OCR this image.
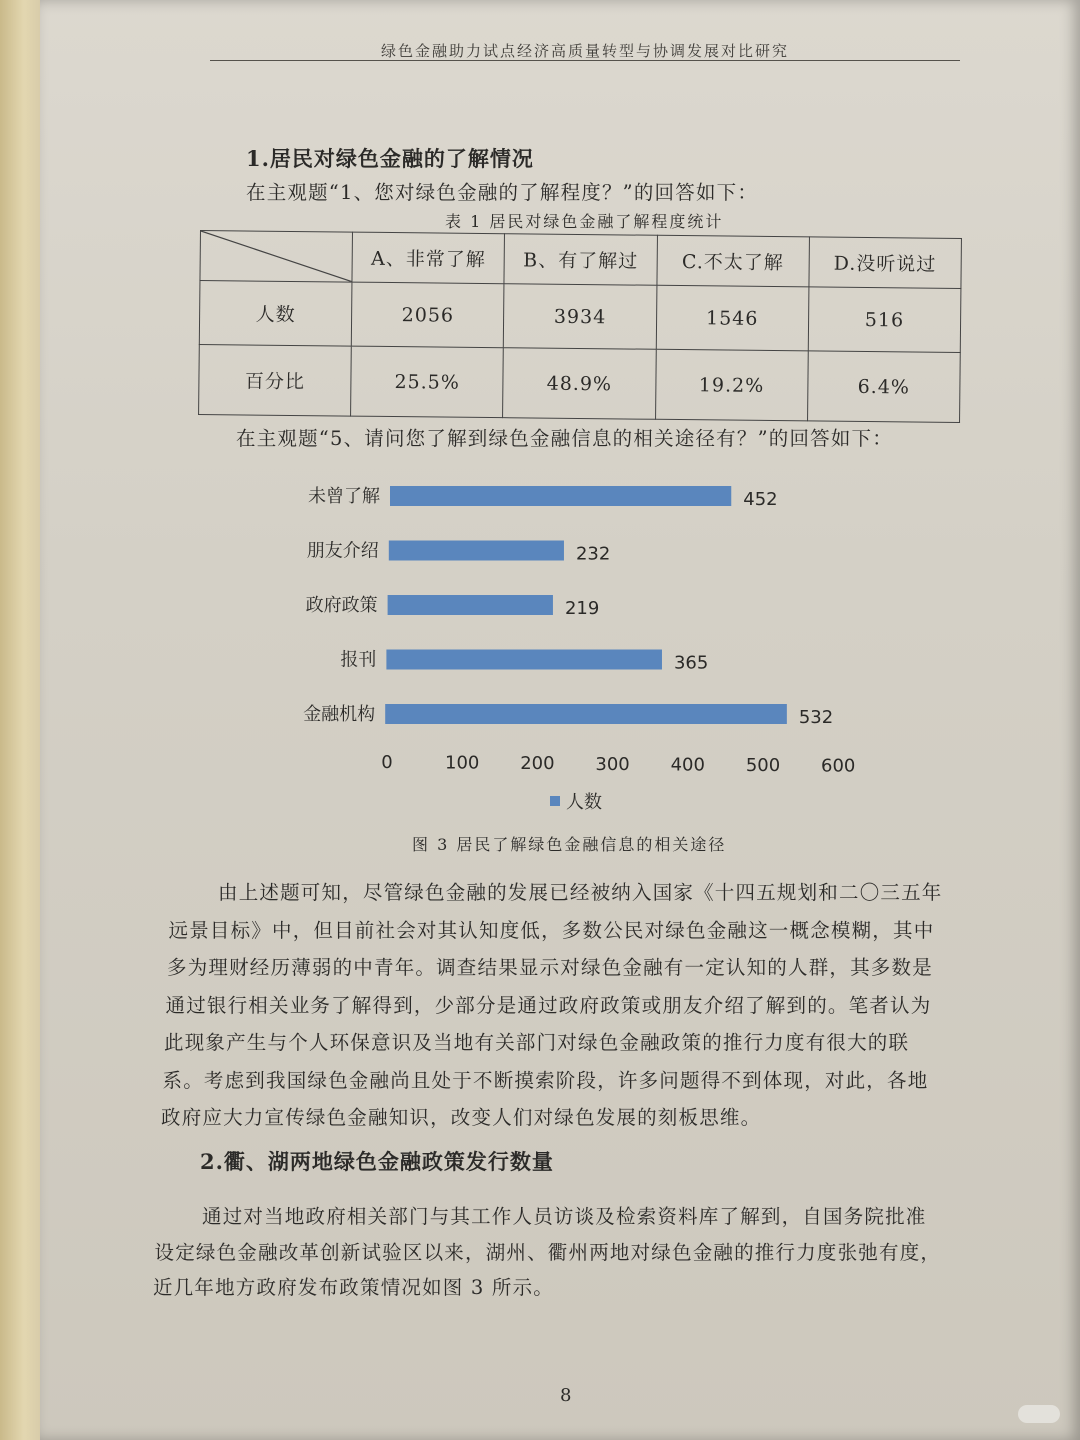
绿色金融助力试点经济高质量转型与协调发展对比研究
1.居民对绿色金融的了解情况
在主观题“1、您对绿色金融的了解程度？”的回答如下：
表 1 居民对绿色金融了解程度统计
	A、非常了解	B、有了解过	C.不太了解	D.没听说过
人数	2056	3934	1546	516
百分比	25.5%	48.9%	19.2%	6.4%
在主观题“5、请问您了解到绿色金融信息的相关途径有？”的回答如下：
未曾了解	452
朋友介绍	232
政府政策	219
报刊	365
金融机构	532
0	100 200 300 400 500 600
人数
图 3 居民了解绿色金融信息的相关途径
由上述题可知，尽管绿色金融的发展已经被纳入国家《十四五规划和二〇三五年
远景目标》中，但目前社会对其认知度低，多数公民对绿色金融这一概念模糊，其中
多为理财经历薄弱的中青年。调查结果显示对绿色金融有一定认知的人群，其多数是
通过银行相关业务了解得到，少部分是通过政府政策或朋友介绍了解到的。笔者认为
此现象产生与个人环保意识及当地有关部门对绿色金融政策的推行力度有很大的联
系。考虑到我国绿色金融尚且处于不断摸索阶段，许多问题得不到体现，对此，各地
政府应大力宣传绿色金融知识，改变人们对绿色发展的刻板思维。
2.衢、湖两地绿色金融政策发行数量
通过对当地政府相关部门与其工作人员访谈及检索资料库了解到，自国务院批准
设定绿色金融改革创新试验区以来，湖州、衢州两地对绿色金融的推行力度张弛有度，
近几年地方政府发布政策情况如图 3 所示。
8
